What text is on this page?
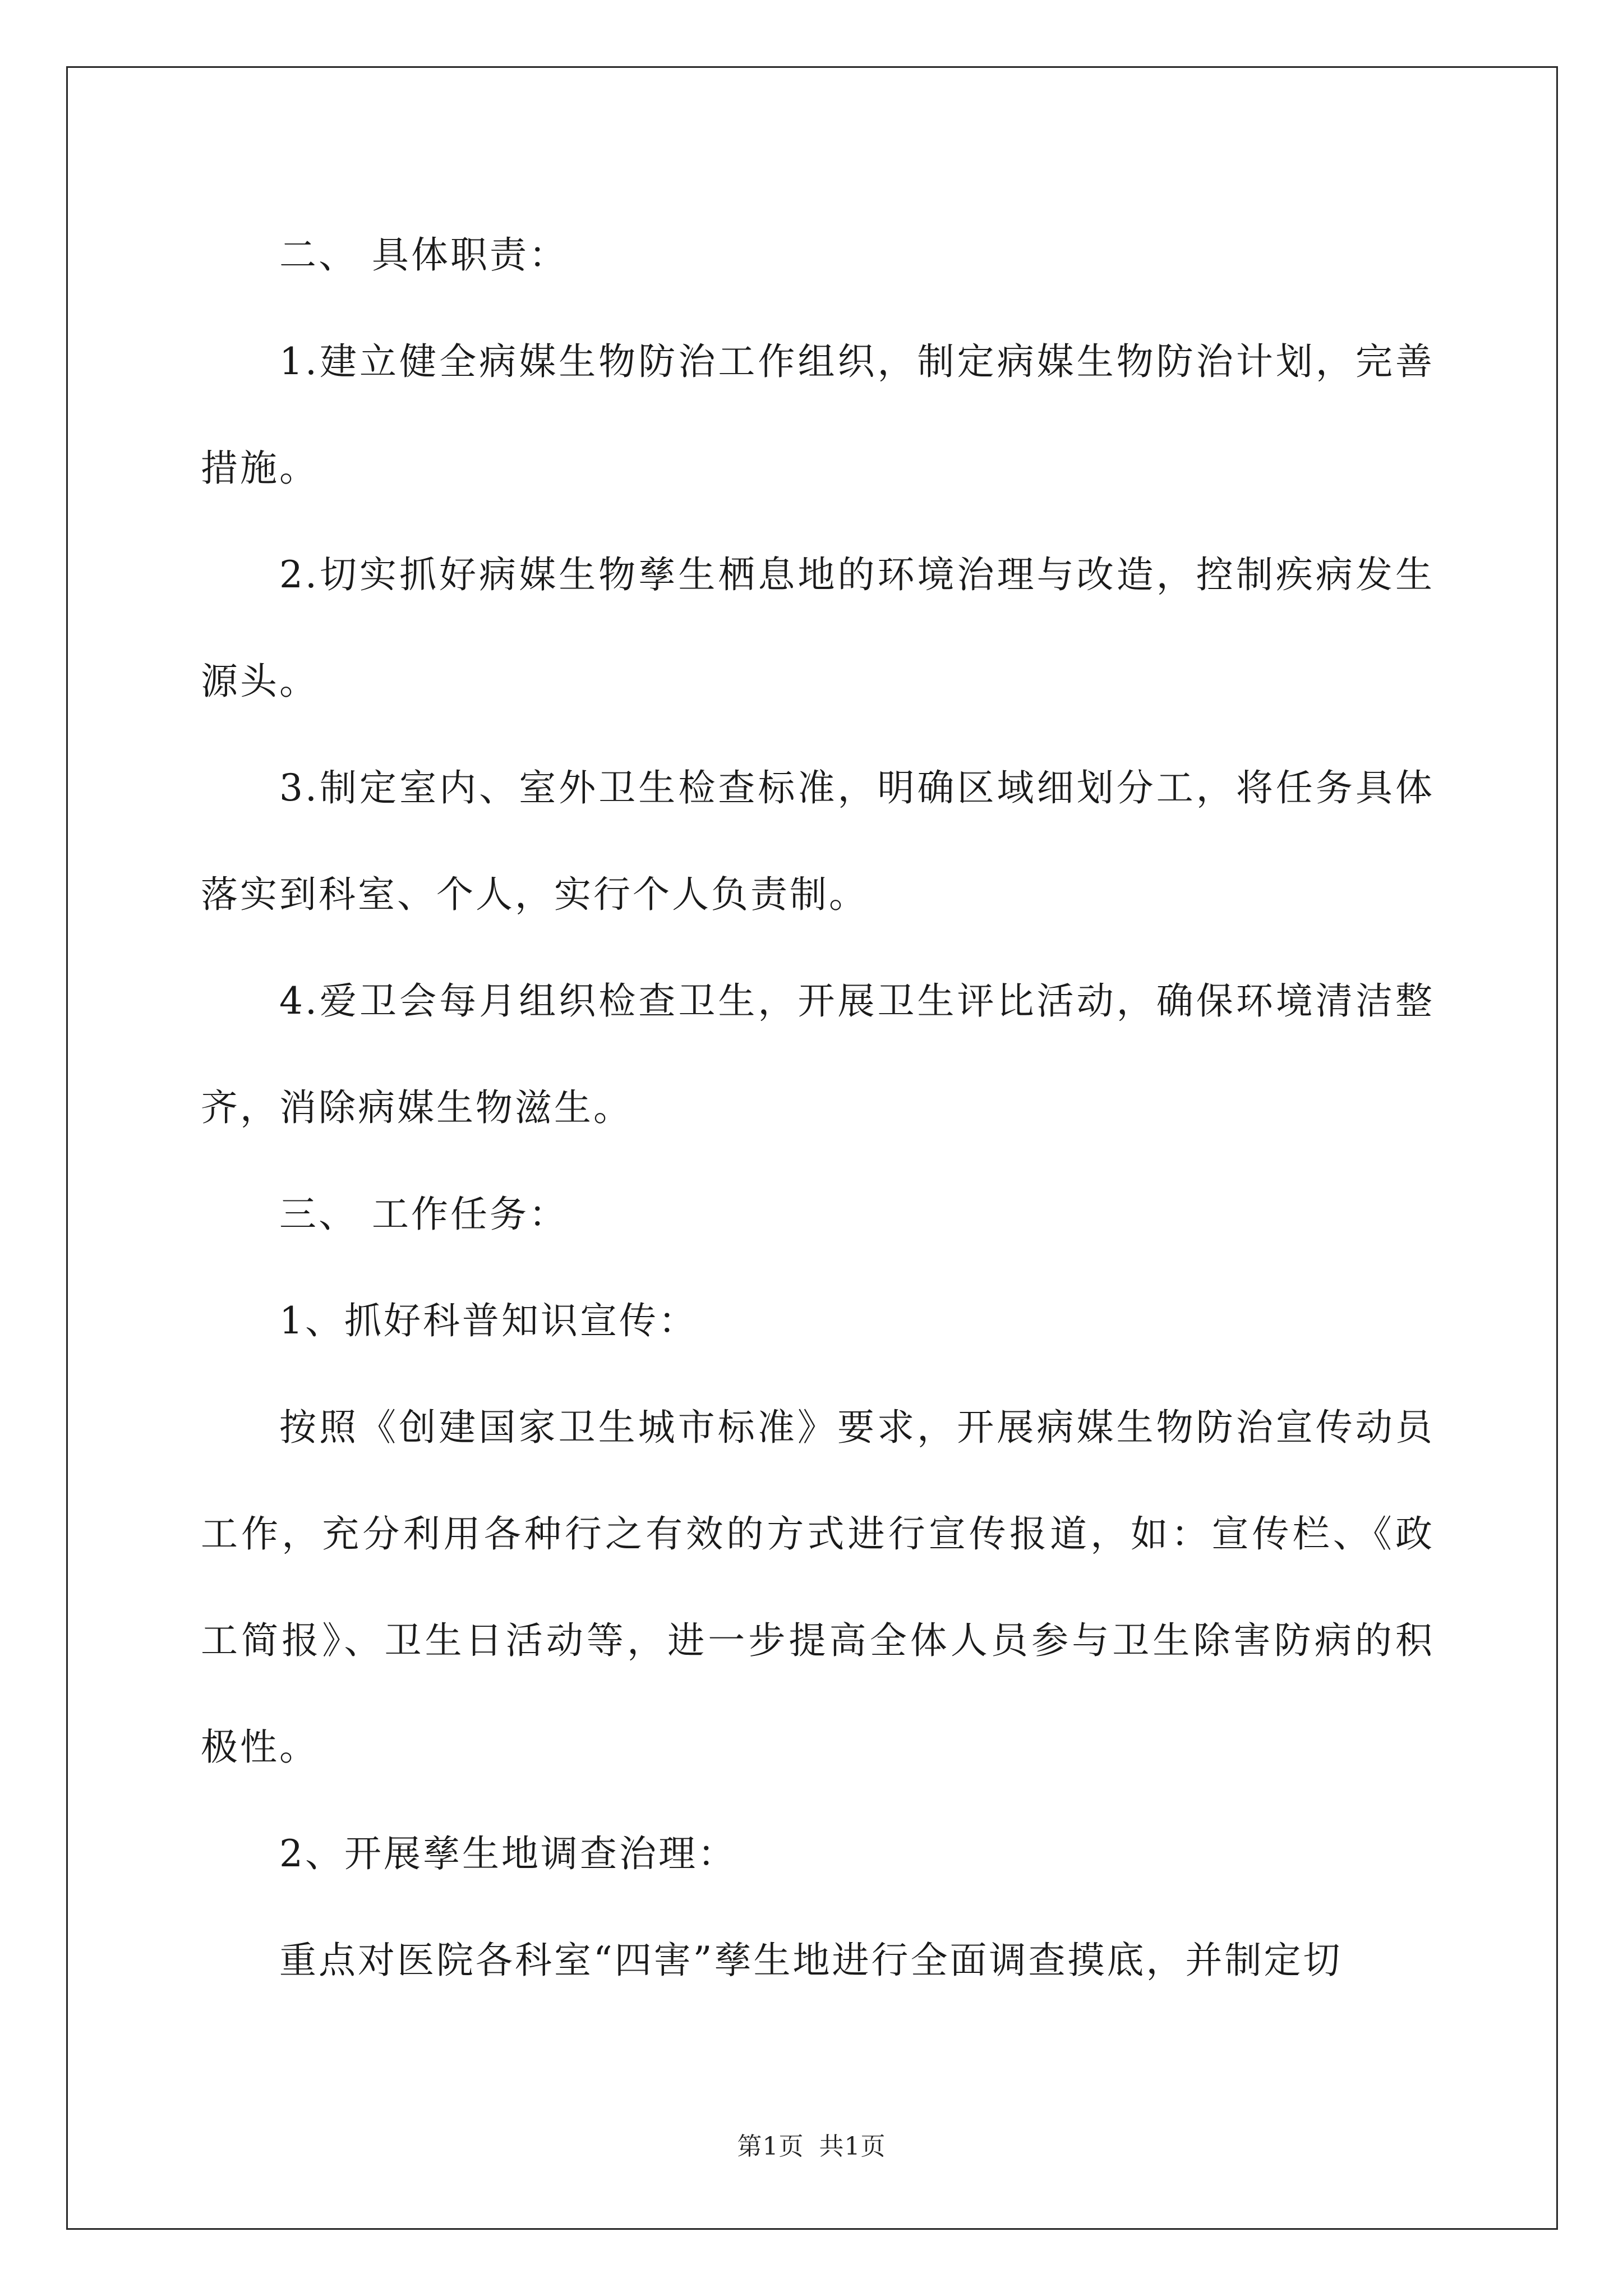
二、 具体职责：

1.建立健全病媒生物防治工作组织，制定病媒生物防治计划，完善措施。

2.切实抓好病媒生物孳生栖息地的环境治理与改造，控制疾病发生源头。

3.制定室内、室外卫生检查标准，明确区域细划分工，将任务具体落实到科室、个人，实行个人负责制。

4.爱卫会每月组织检查卫生，开展卫生评比活动，确保环境清洁整齐，消除病媒生物滋生。

三、 工作任务：

1、抓好科普知识宣传：

按照《创建国家卫生城市标准》要求，开展病媒生物防治宣传动员工作，充分利用各种行之有效的方式进行宣传报道，如：宣传栏、《政工简报》、卫生日活动等，进一步提高全体人员参与卫生除害防病的积极性。

2、开展孳生地调查治理：

重点对医院各科室“四害”孳生地进行全面调查摸底，并制定切

第1页 共1页
